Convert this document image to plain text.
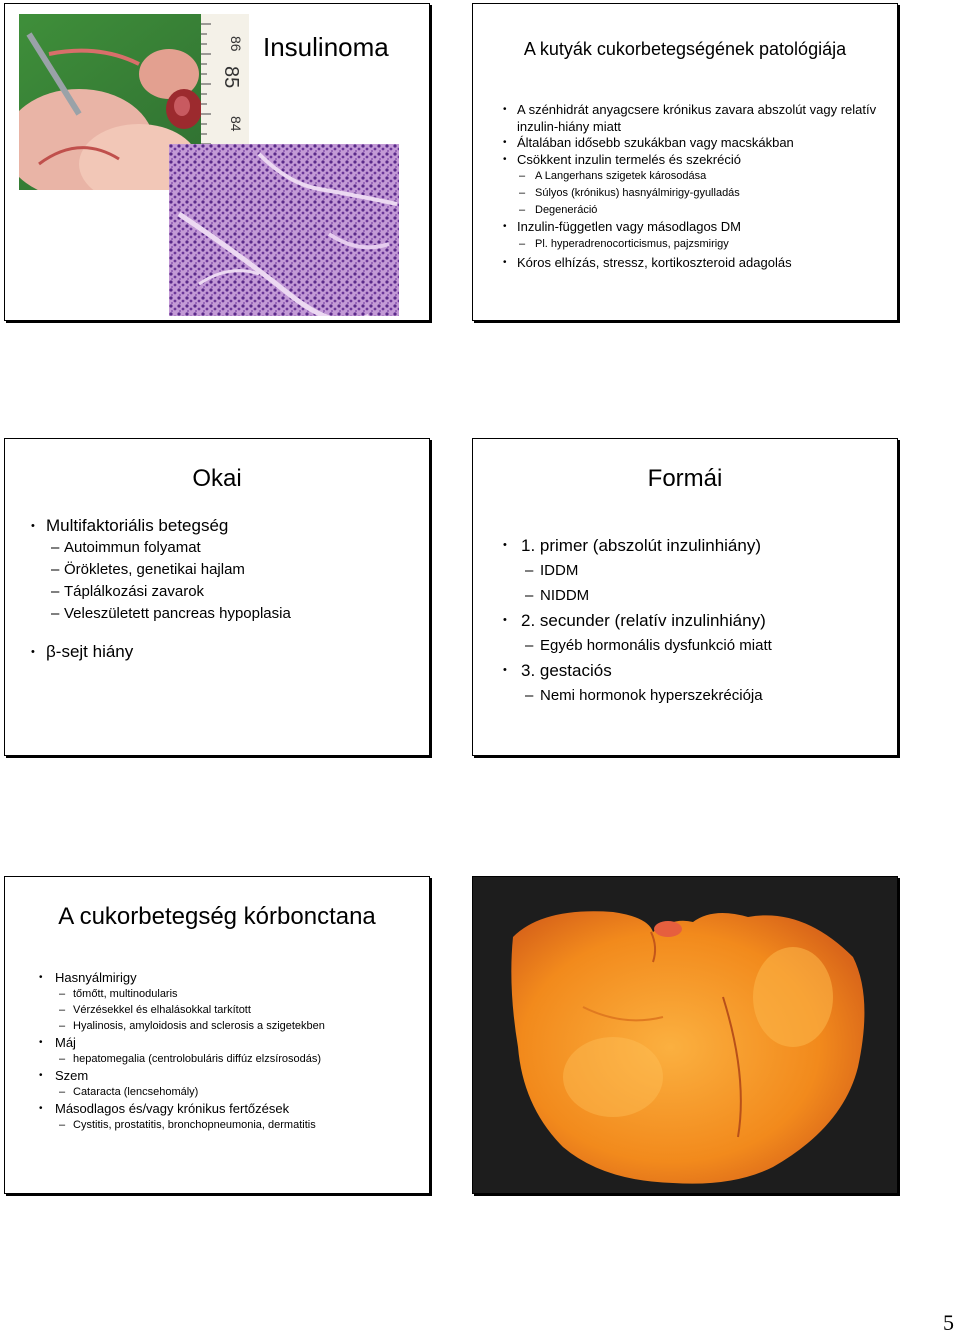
86
85
84
Insulinoma	A kutyák cukorbetegségének patológiája
• A szénhidrát anyagcsere krónikus zavara abszolút vagy relatív inzulin-hiány miatt
• Általában idősebb szukákban vagy macskákban
• Csökkent inzulin termelés és szekréció
– A Langerhans szigetek károsodása
– Súlyos (krónikus) hasnyálmirigy-gyulladás
– Degeneráció
• Inzulin-független vagy másodlagos DM
– Pl. hyperadrenocorticismus, pajzsmirigy
• Kóros elhízás, stressz, kortikoszteroid adagolás
Okai
• Multifaktoriális betegség
– Autoimmun folyamat
– Örökletes, genetikai hajlam
– Táplálkozási zavarok
– Veleszületett pancreas hypoplasia
• β-sejt hiány
Formái
• 1. primer (abszolút inzulinhiány)
– IDDM
– NIDDM
• 2. secunder (relatív inzulinhiány)
– Egyéb hormonális dysfunkció miatt
• 3. gestaciós
– Nemi hormonok hyperszekréciója
A cukorbetegség kórbonctana
• Hasnyálmirigy
– tőmőtt, multinodularis
– Vérzésekkel és elhalásokkal tarkított
– Hyalinosis, amyloidosis and sclerosis a szigetekben
• Máj
– hepatomegalia (centrolobuláris diffúz elzsírosodás)
• Szem
– Cataracta (lencsehomály)
• Másodlagos és/vagy krónikus fertőzések
– Cystitis, prostatitis, bronchopneumonia, dermatitis
5
